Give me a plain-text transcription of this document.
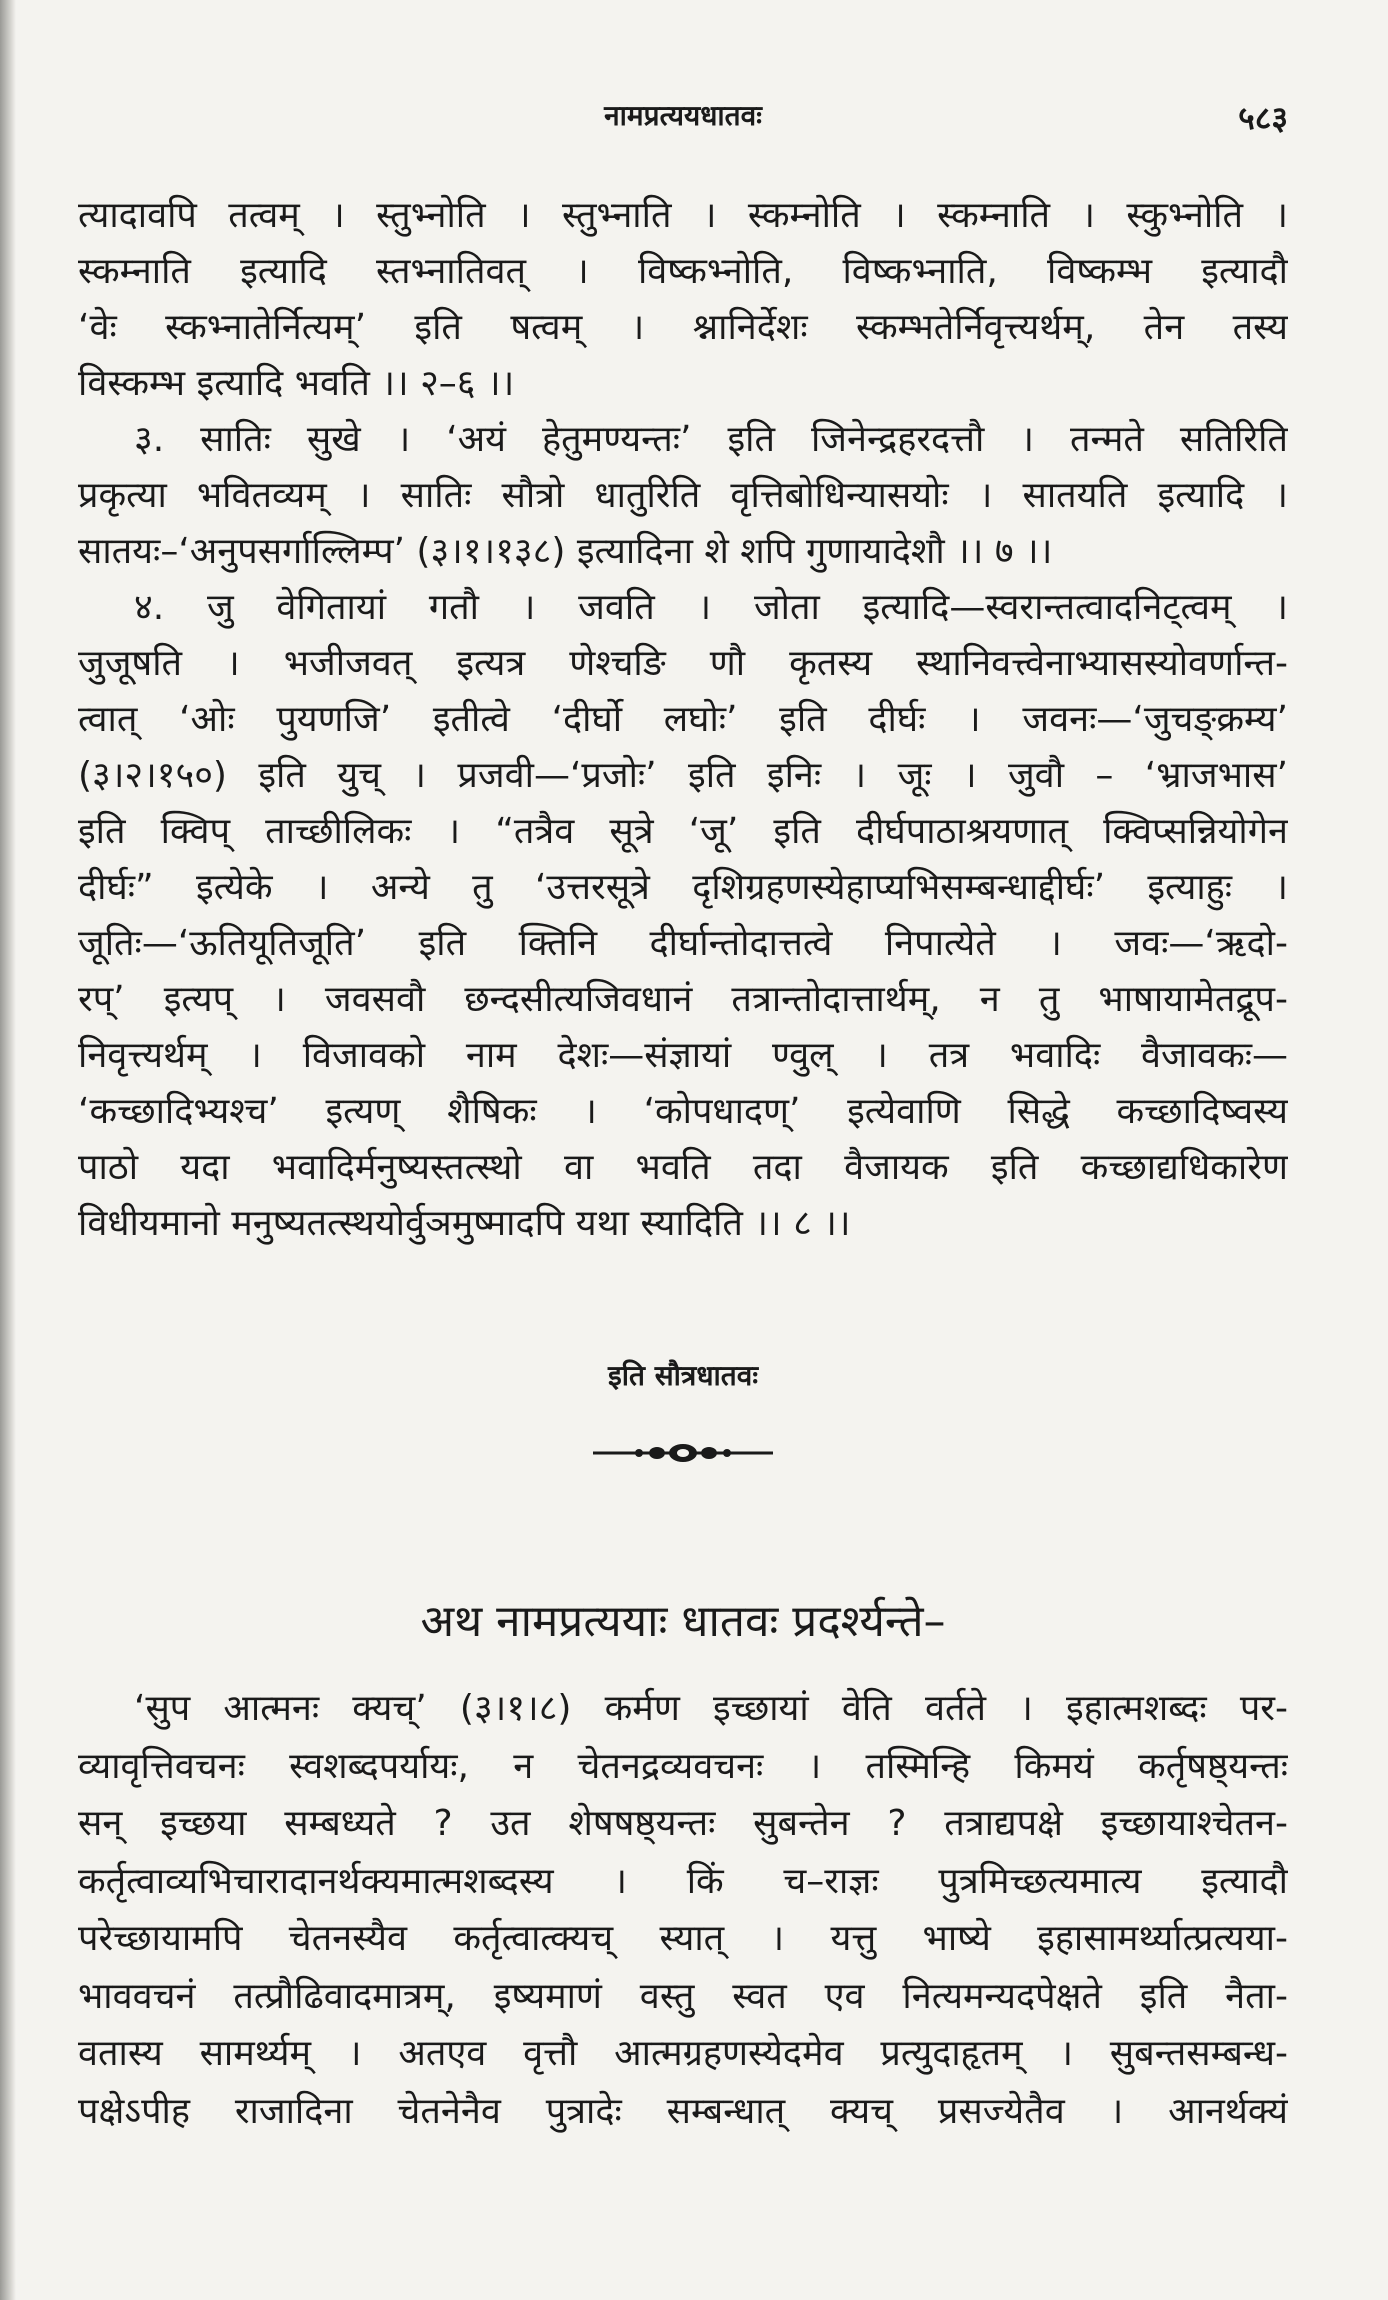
नामप्रत्ययधातवः	५८३
त्यादावपि तत्वम् । स्तुभ्नोति । स्तुभ्नाति । स्कम्नोति । स्कम्नाति । स्कुभ्नोति ।
स्कम्नाति इत्यादि स्तभ्नातिवत् । विष्कभ्नोति, विष्कभ्नाति, विष्कम्भ इत्यादौ
‘वेः स्कभ्नातेर्नित्यम्’ इति षत्वम् । श्नानिर्देशः स्कम्भतेर्निवृत्त्यर्थम्, तेन तस्य
विस्कम्भ इत्यादि भवति ।। २–६ ।।
३. सातिः सुखे । ‘अयं हेतुमण्यन्तः’ इति जिनेन्द्रहरदत्तौ । तन्मते सतिरिति
प्रकृत्या भवितव्यम् । सातिः सौत्रो धातुरिति वृत्तिबोधिन्यासयोः । सातयति इत्यादि ।
सातयः–‘अनुपसर्गाल्लिम्प’ (३।१।१३८) इत्यादिना शे शपि गुणायादेशौ ।। ७ ।।
४. जु वेगितायां गतौ । जवति । जोता इत्यादि—स्वरान्तत्वादनिट्त्वम् ।
जुजूषति । भजीजवत् इत्यत्र णेश्चङि णौ कृतस्य स्थानिवत्त्वेनाभ्यासस्योवर्णान्त-
त्वात् ‘ओः पुयणजि’ इतीत्वे ‘दीर्घो लघोः’ इति दीर्घः । जवनः—‘जुचङ्क्रम्य’
(३।२।१५०) इति युच् । प्रजवी—‘प्रजोः’ इति इनिः । जूः । जुवौ – ‘भ्राजभास’
इति क्विप् ताच्छीलिकः । “तत्रैव सूत्रे ‘जू’ इति दीर्घपाठाश्रयणात् क्विप्सन्नियोगेन
दीर्घः” इत्येके । अन्ये तु ‘उत्तरसूत्रे दृशिग्रहणस्येहाप्यभिसम्बन्धाद्दीर्घः’ इत्याहुः ।
जूतिः—‘ऊतियूतिजूति’ इति क्तिनि दीर्घान्तोदात्तत्वे निपात्येते । जवः—‘ऋदो-
रप्’ इत्यप् । जवसवौ छन्दसीत्यजिवधानं तत्रान्तोदात्तार्थम्, न तु भाषायामेतद्रूप-
निवृत्त्यर्थम् । विजावको नाम देशः—संज्ञायां ण्वुल् । तत्र भवादिः वैजावकः—
‘कच्छादिभ्यश्च’ इत्यण् शैषिकः । ‘कोपधादण्’ इत्येवाणि सिद्धे कच्छादिष्वस्य
पाठो यदा भवादिर्मनुष्यस्तत्स्थो वा भवति तदा वैजायक इति कच्छाद्यधिकारेण
विधीयमानो मनुष्यतत्स्थयोर्वुञमुष्मादपि यथा स्यादिति ।। ८ ।।
इति सौत्रधातवः
अथ नामप्रत्ययाः धातवः प्रदर्श्यन्ते–
‘सुप आत्मनः क्यच्’ (३।१।८) कर्मण इच्छायां वेति वर्तते । इहात्मशब्दः पर-
व्यावृत्तिवचनः स्वशब्दपर्यायः, न चेतनद्रव्यवचनः । तस्मिन्हि किमयं कर्तृषष्ठ्यन्तः
सन् इच्छया सम्बध्यते ? उत शेषषष्ठ्यन्तः सुबन्तेन ? तत्राद्यपक्षे इच्छायाश्चेतन-
कर्तृत्वाव्यभिचारादानर्थक्यमात्मशब्दस्य । किं च–राज्ञः पुत्रमिच्छत्यमात्य इत्यादौ
परेच्छायामपि चेतनस्यैव कर्तृत्वात्क्यच् स्यात् । यत्तु भाष्ये इहासामर्थ्यात्प्रत्यया-
भाववचनं तत्प्रौढिवादमात्रम्, इष्यमाणं वस्तु स्वत एव नित्यमन्यदपेक्षते इति नैता-
वतास्य सामर्थ्यम् । अतएव वृत्तौ आत्मग्रहणस्येदमेव प्रत्युदाहृतम् । सुबन्तसम्बन्ध-
पक्षेऽपीह राजादिना चेतनेनैव पुत्रादेः सम्बन्धात् क्यच् प्रसज्येतैव । आनर्थक्यं
